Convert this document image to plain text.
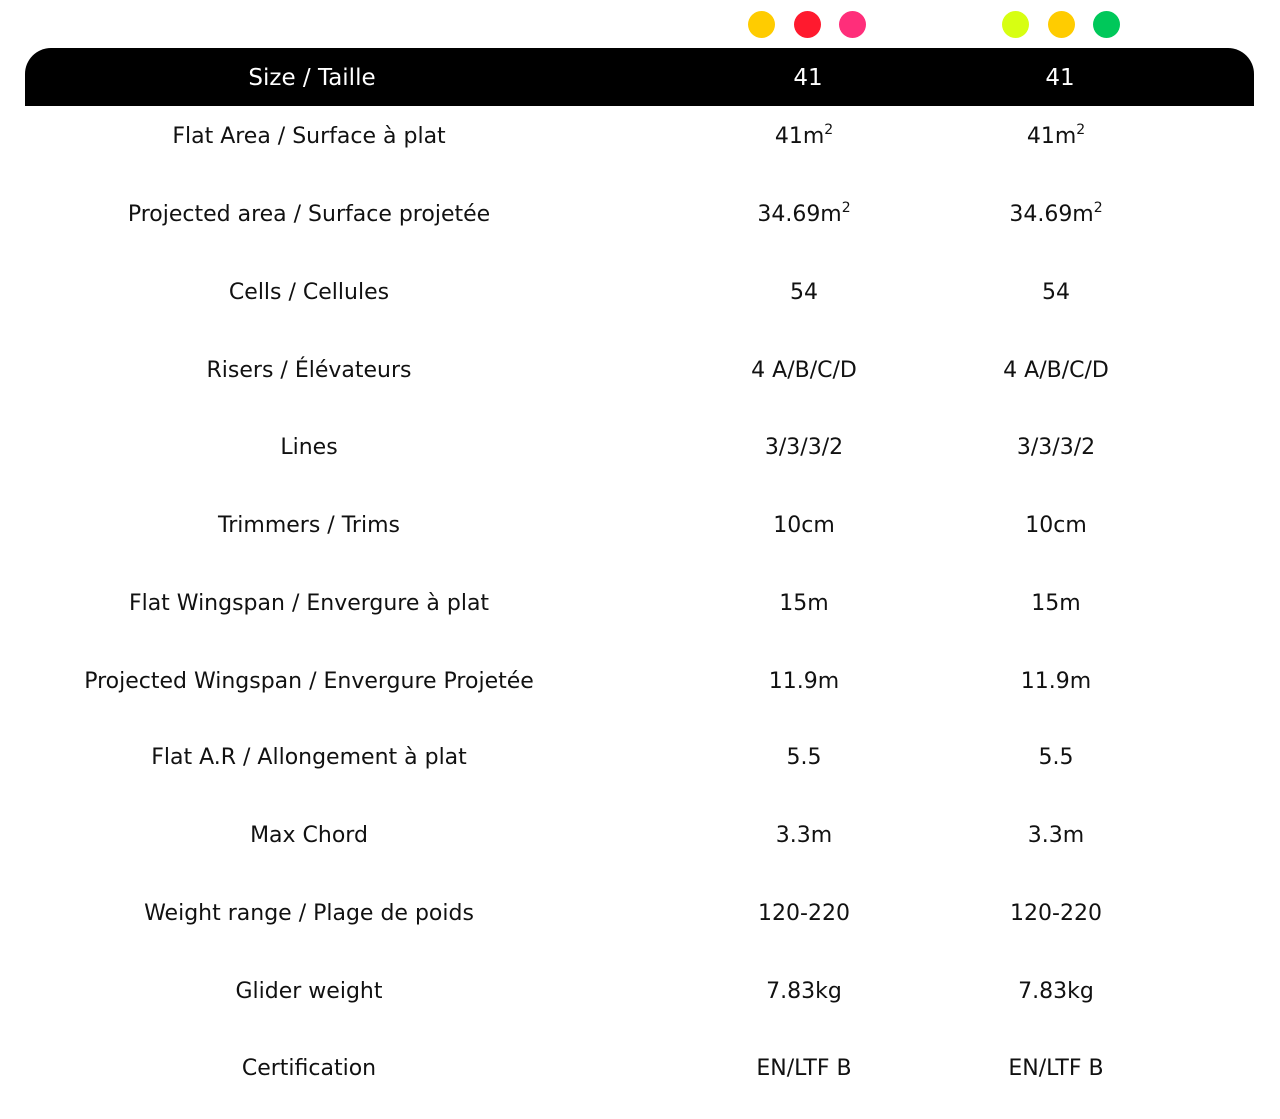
Size / Taille	41	41
Flat Area / Surface à plat	$41m^2$	$41m^2$
Projected area / Surface projetée	$34.69m^2$	$34.69m^2$
Cells / Cellules	54	54
Risers / Élévateurs	4 A/B/C/D	4 A/B/C/D
Lines	3/3/3/2	3/3/3/2
Trimmers / Trims	10cm	10cm
Flat Wingspan / Envergure à plat	15m	15m
Projected Wingspan / Envergure Projetée	11.9m	11.9m
Flat A.R / Allongement à plat	5.5	5.5
Max Chord	3.3m	3.3m
Weight range / Plage de poids	120-220	120-220
Glider weight	7.83kg	7.83kg
Certification	EN/LTF B	EN/LTF B
